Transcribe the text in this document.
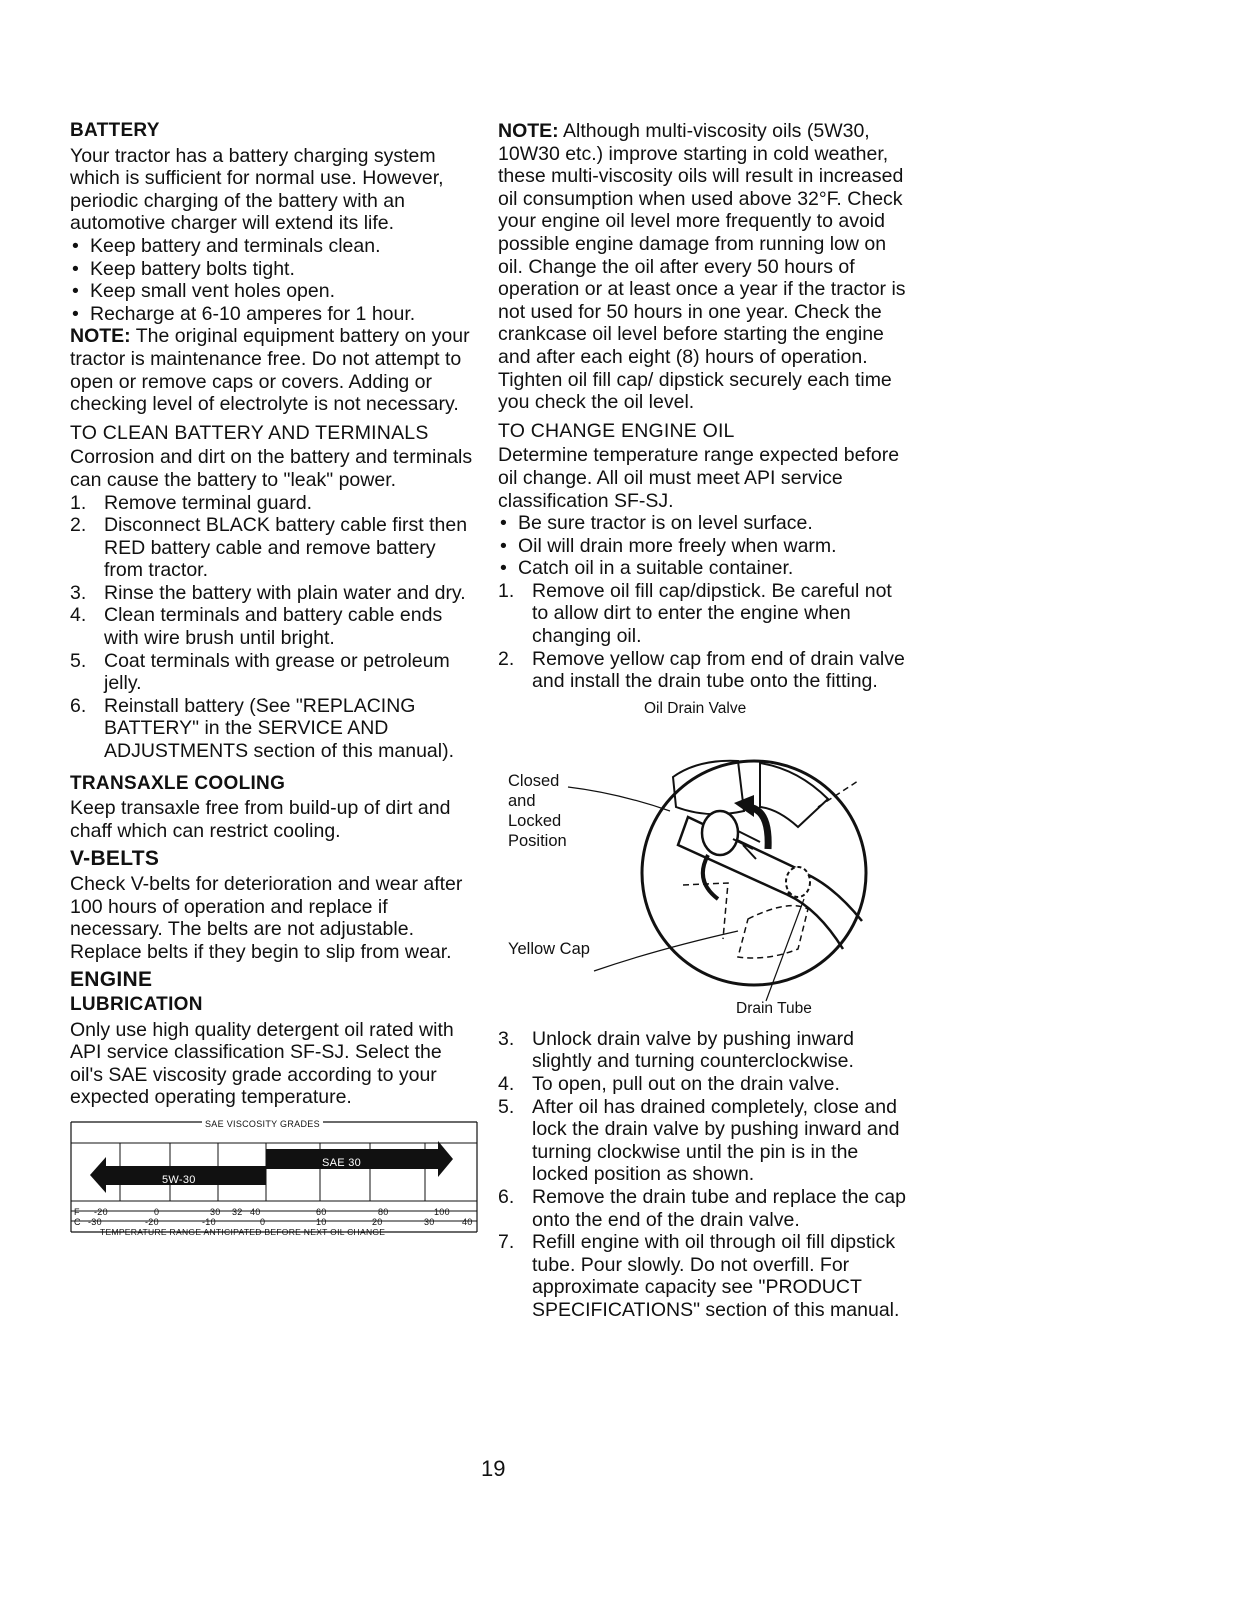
BATTERY

Your tractor has a battery charging system which is sufficient for normal use. However, periodic charging of the battery with an automotive charger will extend its life.

• Keep battery and terminals clean.
• Keep battery bolts tight.
• Keep small vent holes open.
• Recharge at 6-10 amperes for 1 hour.

NOTE: The original equipment battery on your tractor is maintenance free. Do not attempt to open or remove caps or covers. Adding or checking level of electrolyte is not necessary.

TO CLEAN BATTERY AND TERMINALS

Corrosion and dirt on the battery and terminals can cause the battery to "leak" power.

1. Remove terminal guard.
2. Disconnect BLACK battery cable first then RED battery cable and remove battery from tractor.
3. Rinse the battery with plain water and dry.
4. Clean terminals and battery cable ends with wire brush until bright.
5. Coat terminals with grease or petroleum jelly.
6. Reinstall battery (See "REPLACING BATTERY" in the SERVICE AND ADJUSTMENTS section of this manual).
TRANSAXLE COOLING

Keep transaxle free from build-up of dirt and chaff which can restrict cooling.

V-BELTS

Check V-belts for deterioration and wear after 100 hours of operation and replace if necessary. The belts are not adjustable. Replace belts if they begin to slip from wear.

ENGINE
LUBRICATION

Only use high quality detergent oil rated with API service classification SF-SJ. Select the oil's SAE viscosity grade according to your expected operating temperature.

SAE VISCOSITY GRADES
SAE 30
5W-30
F -20	0	30 32 40	60	80	100
C -30	-20	-10	0	10	20	30	40
TEMPERATURE RANGE ANTICIPATED BEFORE NEXT OIL CHANGE

NOTE: Although multi-viscosity oils (5W30, 10W30 etc.) improve starting in cold weather, these multi-viscosity oils will result in increased oil consumption when used above 32°F. Check your engine oil level more frequently to avoid possible engine damage from running low on oil. Change the oil after every 50 hours of operation or at least once a year if the tractor is not used for 50 hours in one year. Check the crankcase oil level before starting the engine and after each eight (8) hours of operation. Tighten oil fill cap/ dipstick securely each time you check the oil level.

TO CHANGE ENGINE OIL

Determine temperature range expected before oil change. All oil must meet API service classification SF-SJ.

• Be sure tractor is on level surface.
• Oil will drain more freely when warm.
• Catch oil in a suitable container.
1. Remove oil fill cap/dipstick. Be careful not to allow dirt to enter the engine when changing oil.
2. Remove yellow cap from end of drain valve and install the drain tube onto the fitting.
Oil Drain Valve
Closed
and
Locked
Position
Yellow Cap
Drain Tube
3. Unlock drain valve by pushing inward slightly and turning counterclockwise.
4. To open, pull out on the drain valve.
5. After oil has drained completely, close and lock the drain valve by pushing inward and turning clockwise until the pin is in the locked position as shown.
6. Remove the drain tube and replace the cap onto the end of the drain valve.
7. Refill engine with oil through oil fill dipstick tube. Pour slowly. Do not overfill. For approximate capacity see "PRODUCT SPECIFICATIONS" section of this manual.
19
